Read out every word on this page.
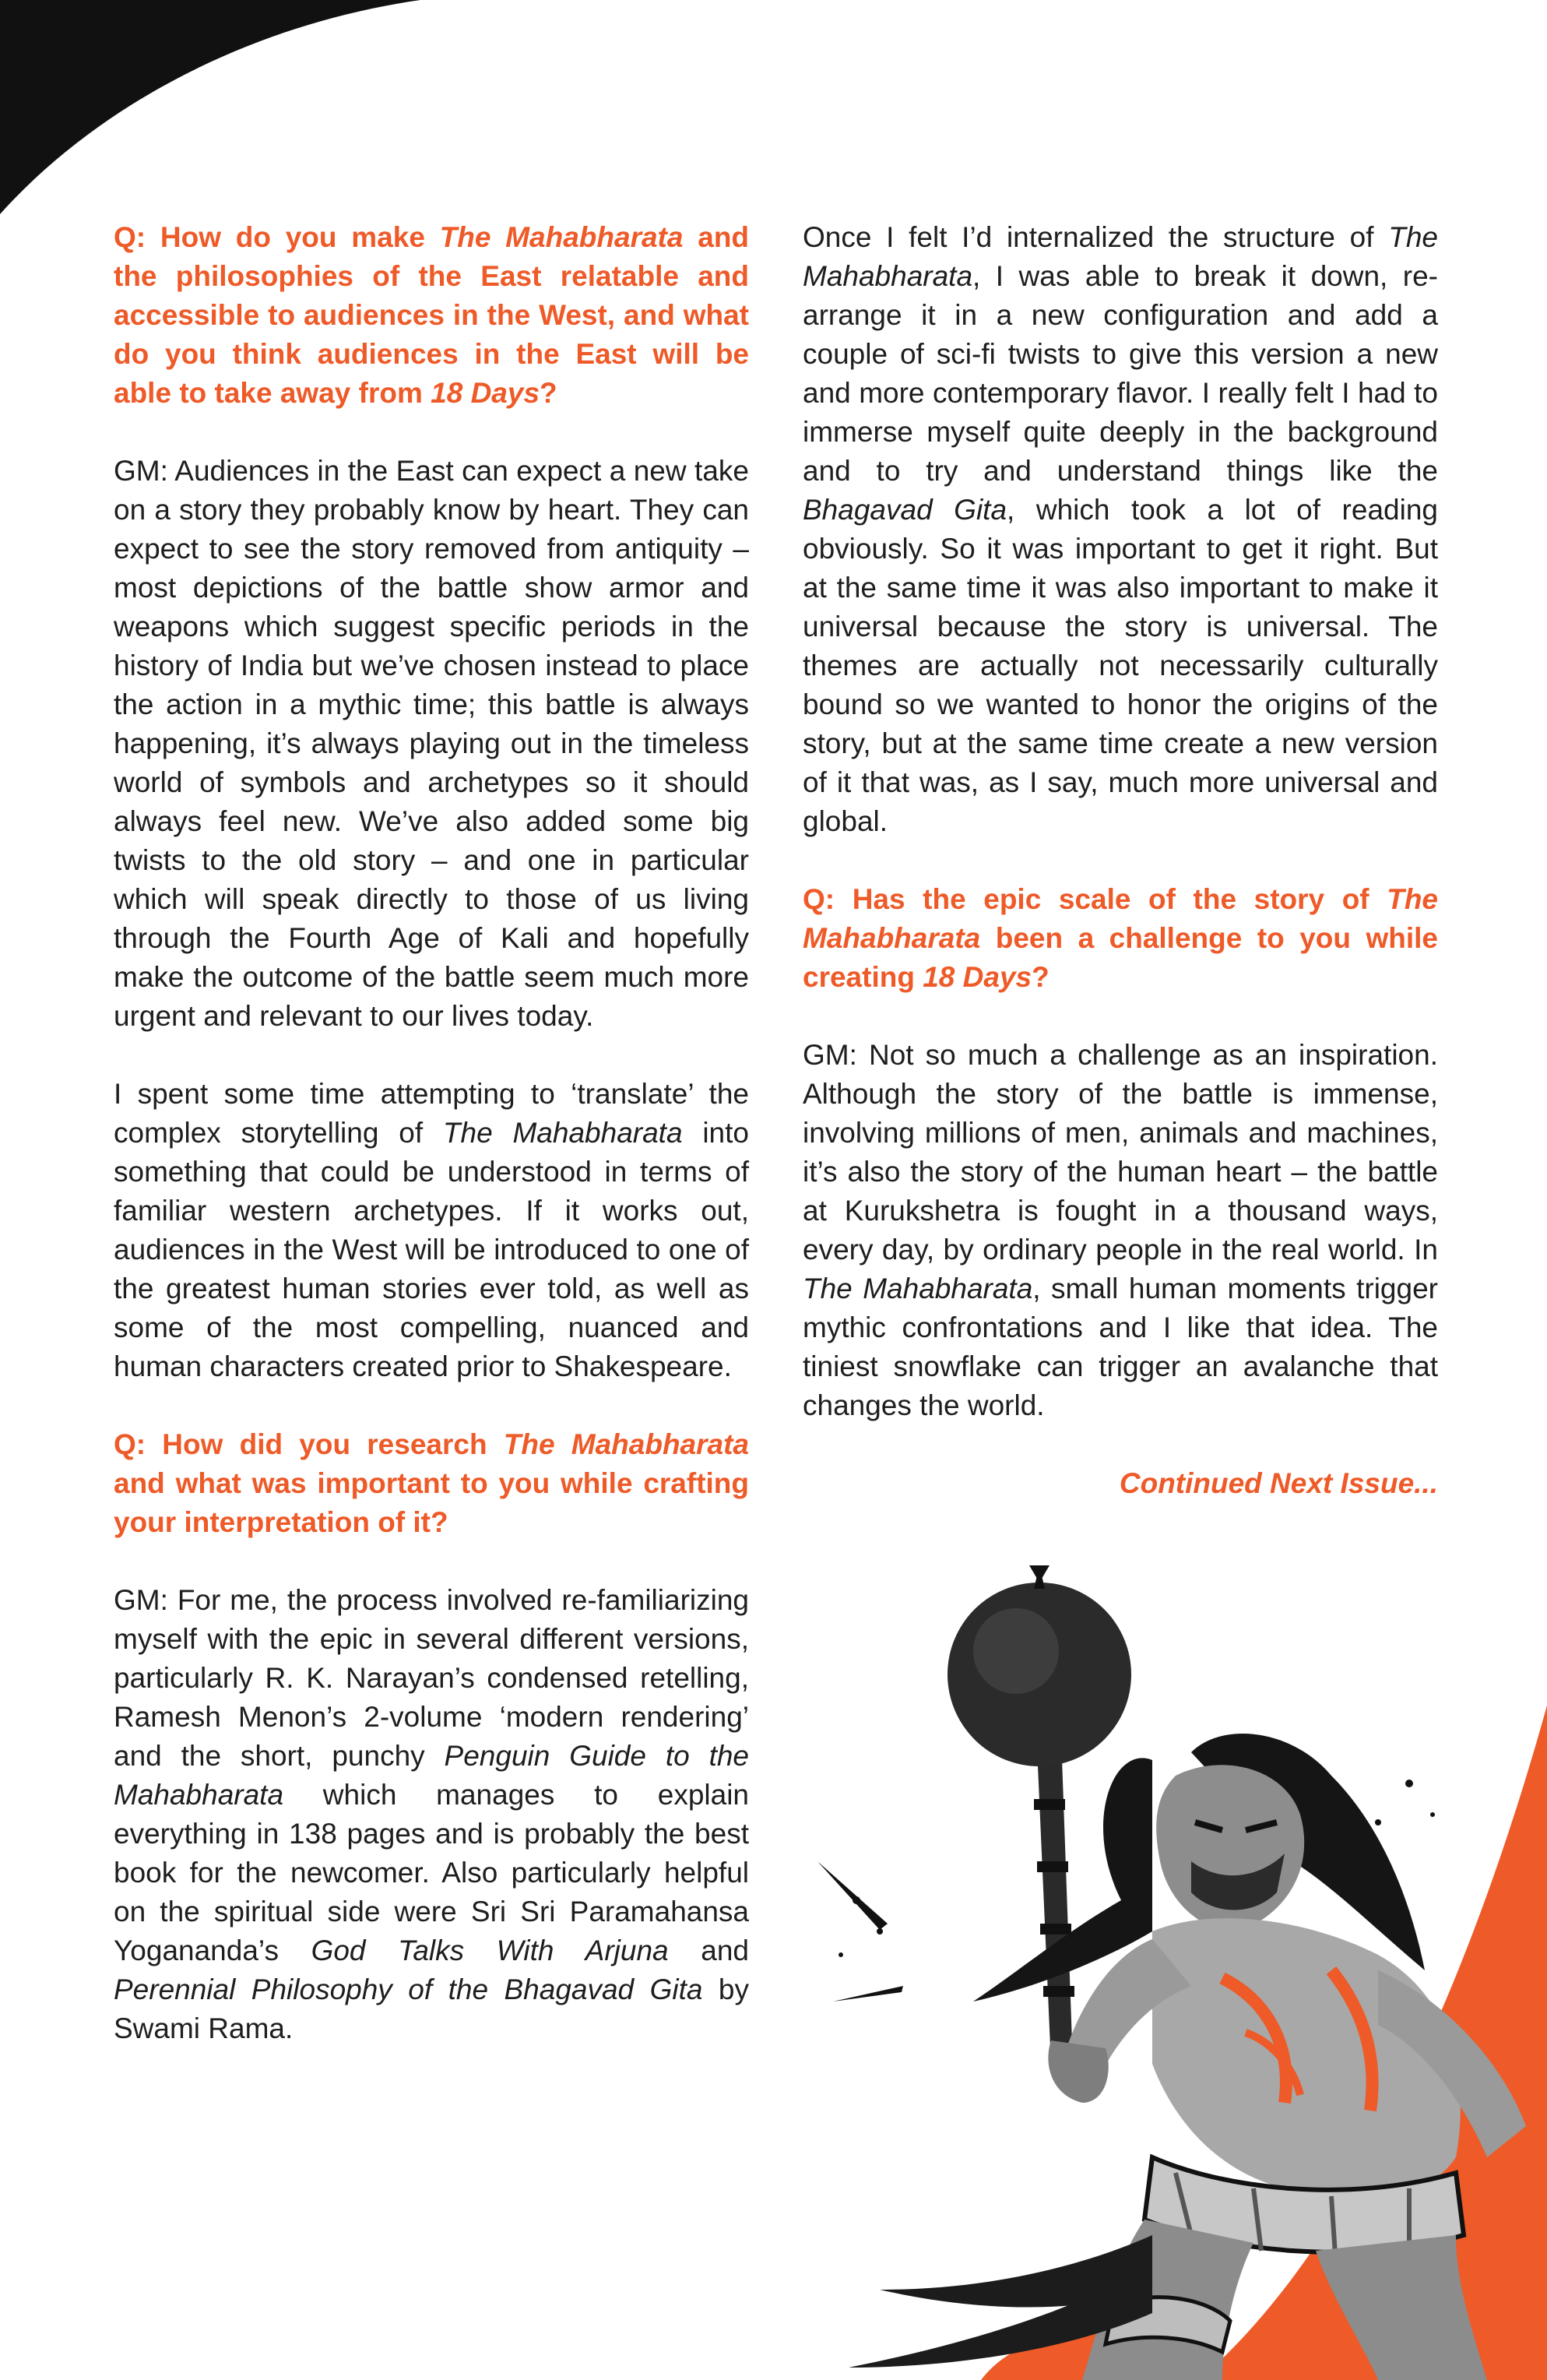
Q: How do you make The Mahabharata and the philosophies of the East relatable and accessible to audiences in the West, and what do you think audiences in the East will be able to take away from 18 Days?

GM: Audiences in the East can expect a new take on a story they probably know by heart. They can expect to see the story removed from antiquity – most depictions of the battle show armor and weapons which suggest specific periods in the history of India but we’ve chosen instead to place the action in a mythic time; this battle is always happening, it’s always playing out in the timeless world of symbols and archetypes so it should always feel new. We’ve also added some big twists to the old story – and one in particular which will speak directly to those of us living through the Fourth Age of Kali and hopefully make the outcome of the battle seem much more urgent and relevant to our lives today.

I spent some time attempting to ‘translate’ the complex storytelling of The Mahabharata into something that could be understood in terms of familiar western archetypes. If it works out, audiences in the West will be introduced to one of the greatest human stories ever told, as well as some of the most compelling, nuanced and human characters created prior to Shakespeare.

Q: How did you research The Mahabharata and what was important to you while crafting your interpretation of it?

GM: For me, the process involved re-familiarizing myself with the epic in several different versions, particularly R. K. Narayan’s condensed retelling, Ramesh Menon’s 2-volume ‘modern rendering’ and the short, punchy Penguin Guide to the Mahabharata which manages to explain everything in 138 pages and is probably the best book for the newcomer. Also particularly helpful on the spiritual side were Sri Sri Paramahansa Yogananda’s God Talks With Arjuna and Perennial Philosophy of the Bhagavad Gita by Swami Rama.

Once I felt I’d internalized the structure of The Mahabharata, I was able to break it down, re-arrange it in a new configuration and add a couple of sci-fi twists to give this version a new and more contemporary flavor. I really felt I had to immerse myself quite deeply in the background and to try and understand things like the Bhagavad Gita, which took a lot of reading obviously. So it was important to get it right. But at the same time it was also important to make it universal because the story is universal. The themes are actually not necessarily culturally bound so we wanted to honor the origins of the story, but at the same time create a new version of it that was, as I say, much more universal and global.

Q: Has the epic scale of the story of The Mahabharata been a challenge to you while creating 18 Days?

GM: Not so much a challenge as an inspiration. Although the story of the battle is immense, involving millions of men, animals and machines, it’s also the story of the human heart – the battle at Kurukshetra is fought in a thousand ways, every day, by ordinary people in the real world. In The Mahabharata, small human moments trigger mythic confrontations and I like that idea. The tiniest snowflake can trigger an avalanche that changes the world.

Continued Next Issue...
